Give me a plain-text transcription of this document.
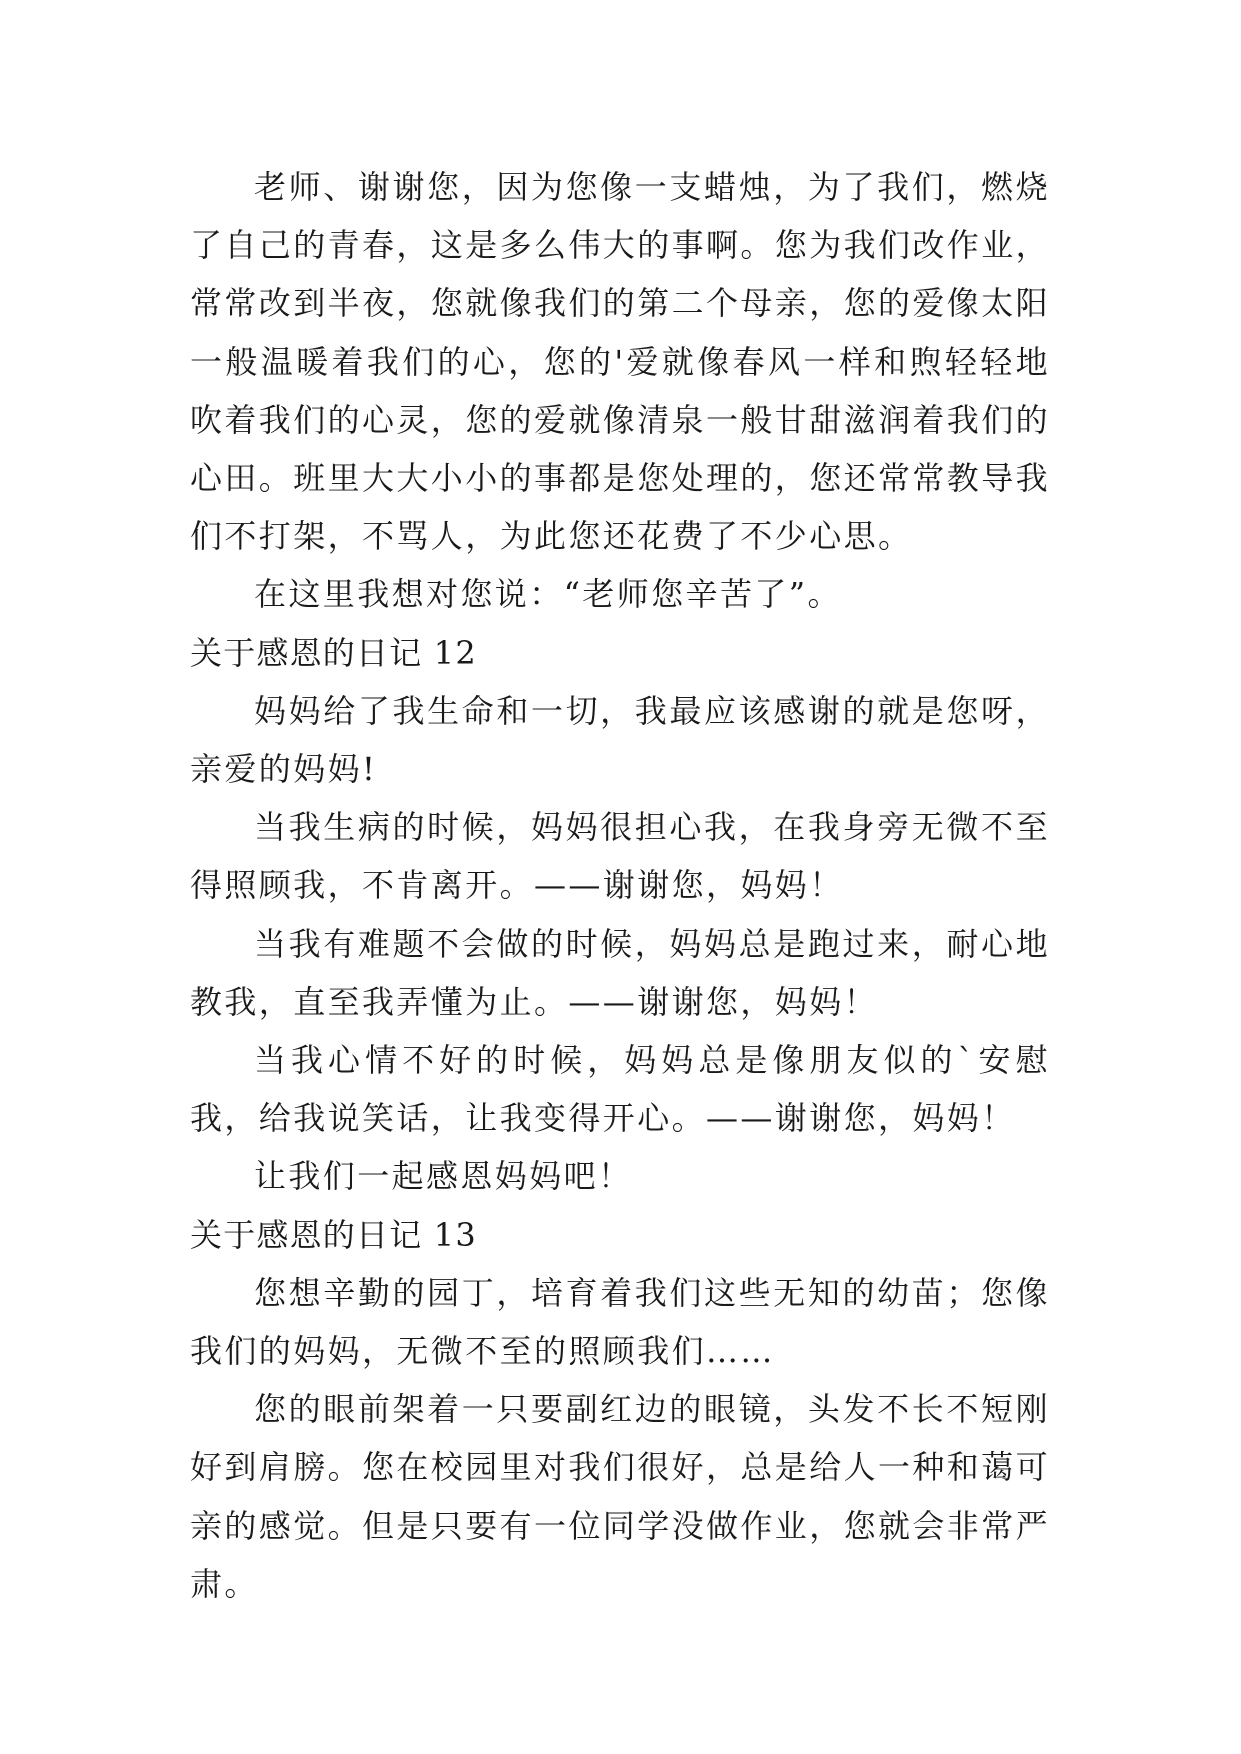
老师、谢谢您，因为您像一支蜡烛，为了我们，燃烧了自己的青春，这是多么伟大的事啊。您为我们改作业，常常改到半夜，您就像我们的第二个母亲，您的爱像太阳一般温暖着我们的心，您的'爱就像春风一样和煦轻轻地吹着我们的心灵，您的爱就像清泉一般甘甜滋润着我们的心田。班里大大小小的事都是您处理的，您还常常教导我们不打架，不骂人，为此您还花费了不少心思。

在这里我想对您说：“老师您辛苦了”。

关于感恩的日记 12

妈妈给了我生命和一切，我最应该感谢的就是您呀，亲爱的妈妈!

当我生病的时候，妈妈很担心我，在我身旁无微不至得照顾我，不肯离开。——谢谢您，妈妈！

当我有难题不会做的时候，妈妈总是跑过来，耐心地教我，直至我弄懂为止。——谢谢您，妈妈！

当我心情不好的时候，妈妈总是像朋友似的`安慰我，给我说笑话，让我变得开心。——谢谢您，妈妈！

让我们一起感恩妈妈吧！

关于感恩的日记 13

您想辛勤的园丁，培育着我们这些无知的幼苗；您像我们的妈妈，无微不至的照顾我们……

您的眼前架着一只要副红边的眼镜，头发不长不短刚好到肩膀。您在校园里对我们很好，总是给人一种和蔼可亲的感觉。但是只要有一位同学没做作业，您就会非常严肃。
